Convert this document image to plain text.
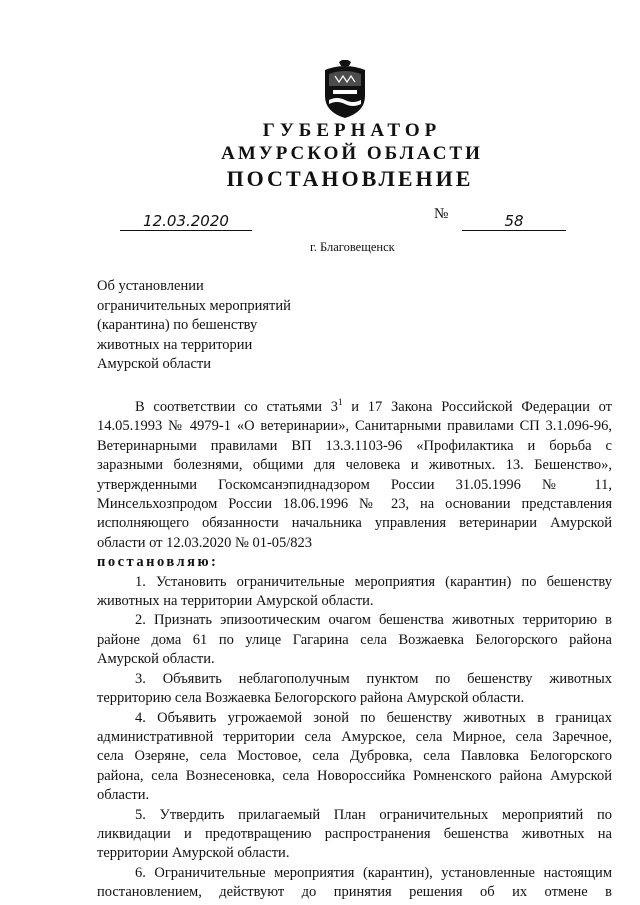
ГУБЕРНАТОР
АМУРСКОЙ ОБЛАСТИ
ПОСТАНОВЛЕНИЕ
12.03.2020	№	58
г. Благовещенск
Об установлении
ограничительных мероприятий
(карантина) по бешенству
животных на территории
Амурской области
В соответствии со статьями $3^1$ и 17 Закона Российской Федерации от
14.05.1993 № 4979-1 «О ветеринарии», Санитарными правилами СП 3.1.096-96,
Ветеринарными правилами ВП 13.3.1103-96 «Профилактика и борьба с
заразными болезнями, общими для человека и животных. 13. Бешенство»,
утвержденными Госкомсанэпиднадзором России 31.05.1996 № 11,
Минсельхозпродом России 18.06.1996 № 23, на основании представления
исполняющего обязанности начальника управления ветеринарии Амурской
области от 12.03.2020 № 01-05/823
постановляю:
1. Установить ограничительные мероприятия (карантин) по бешенству
животных на территории Амурской области.
2. Признать эпизоотическим очагом бешенства животных территорию в
районе дома 61 по улице Гагарина села Возжаевка Белогорского района
Амурской области.
3. Объявить неблагополучным пунктом по бешенству животных
территорию села Возжаевка Белогорского района Амурской области.
4. Объявить угрожаемой зоной по бешенству животных в границах
административной территории села Амурское, села Мирное, села Заречное,
села Озеряне, села Мостовое, села Дубровка, села Павловка Белогорского
района, села Вознесеновка, села Новороссийка Ромненского района Амурской
области.
5. Утвердить прилагаемый План ограничительных мероприятий по
ликвидации и предотвращению распространения бешенства животных на
территории Амурской области.
6. Ограничительные мероприятия (карантин), установленные настоящим
постановлением, действуют до принятия решения об их отмене в
